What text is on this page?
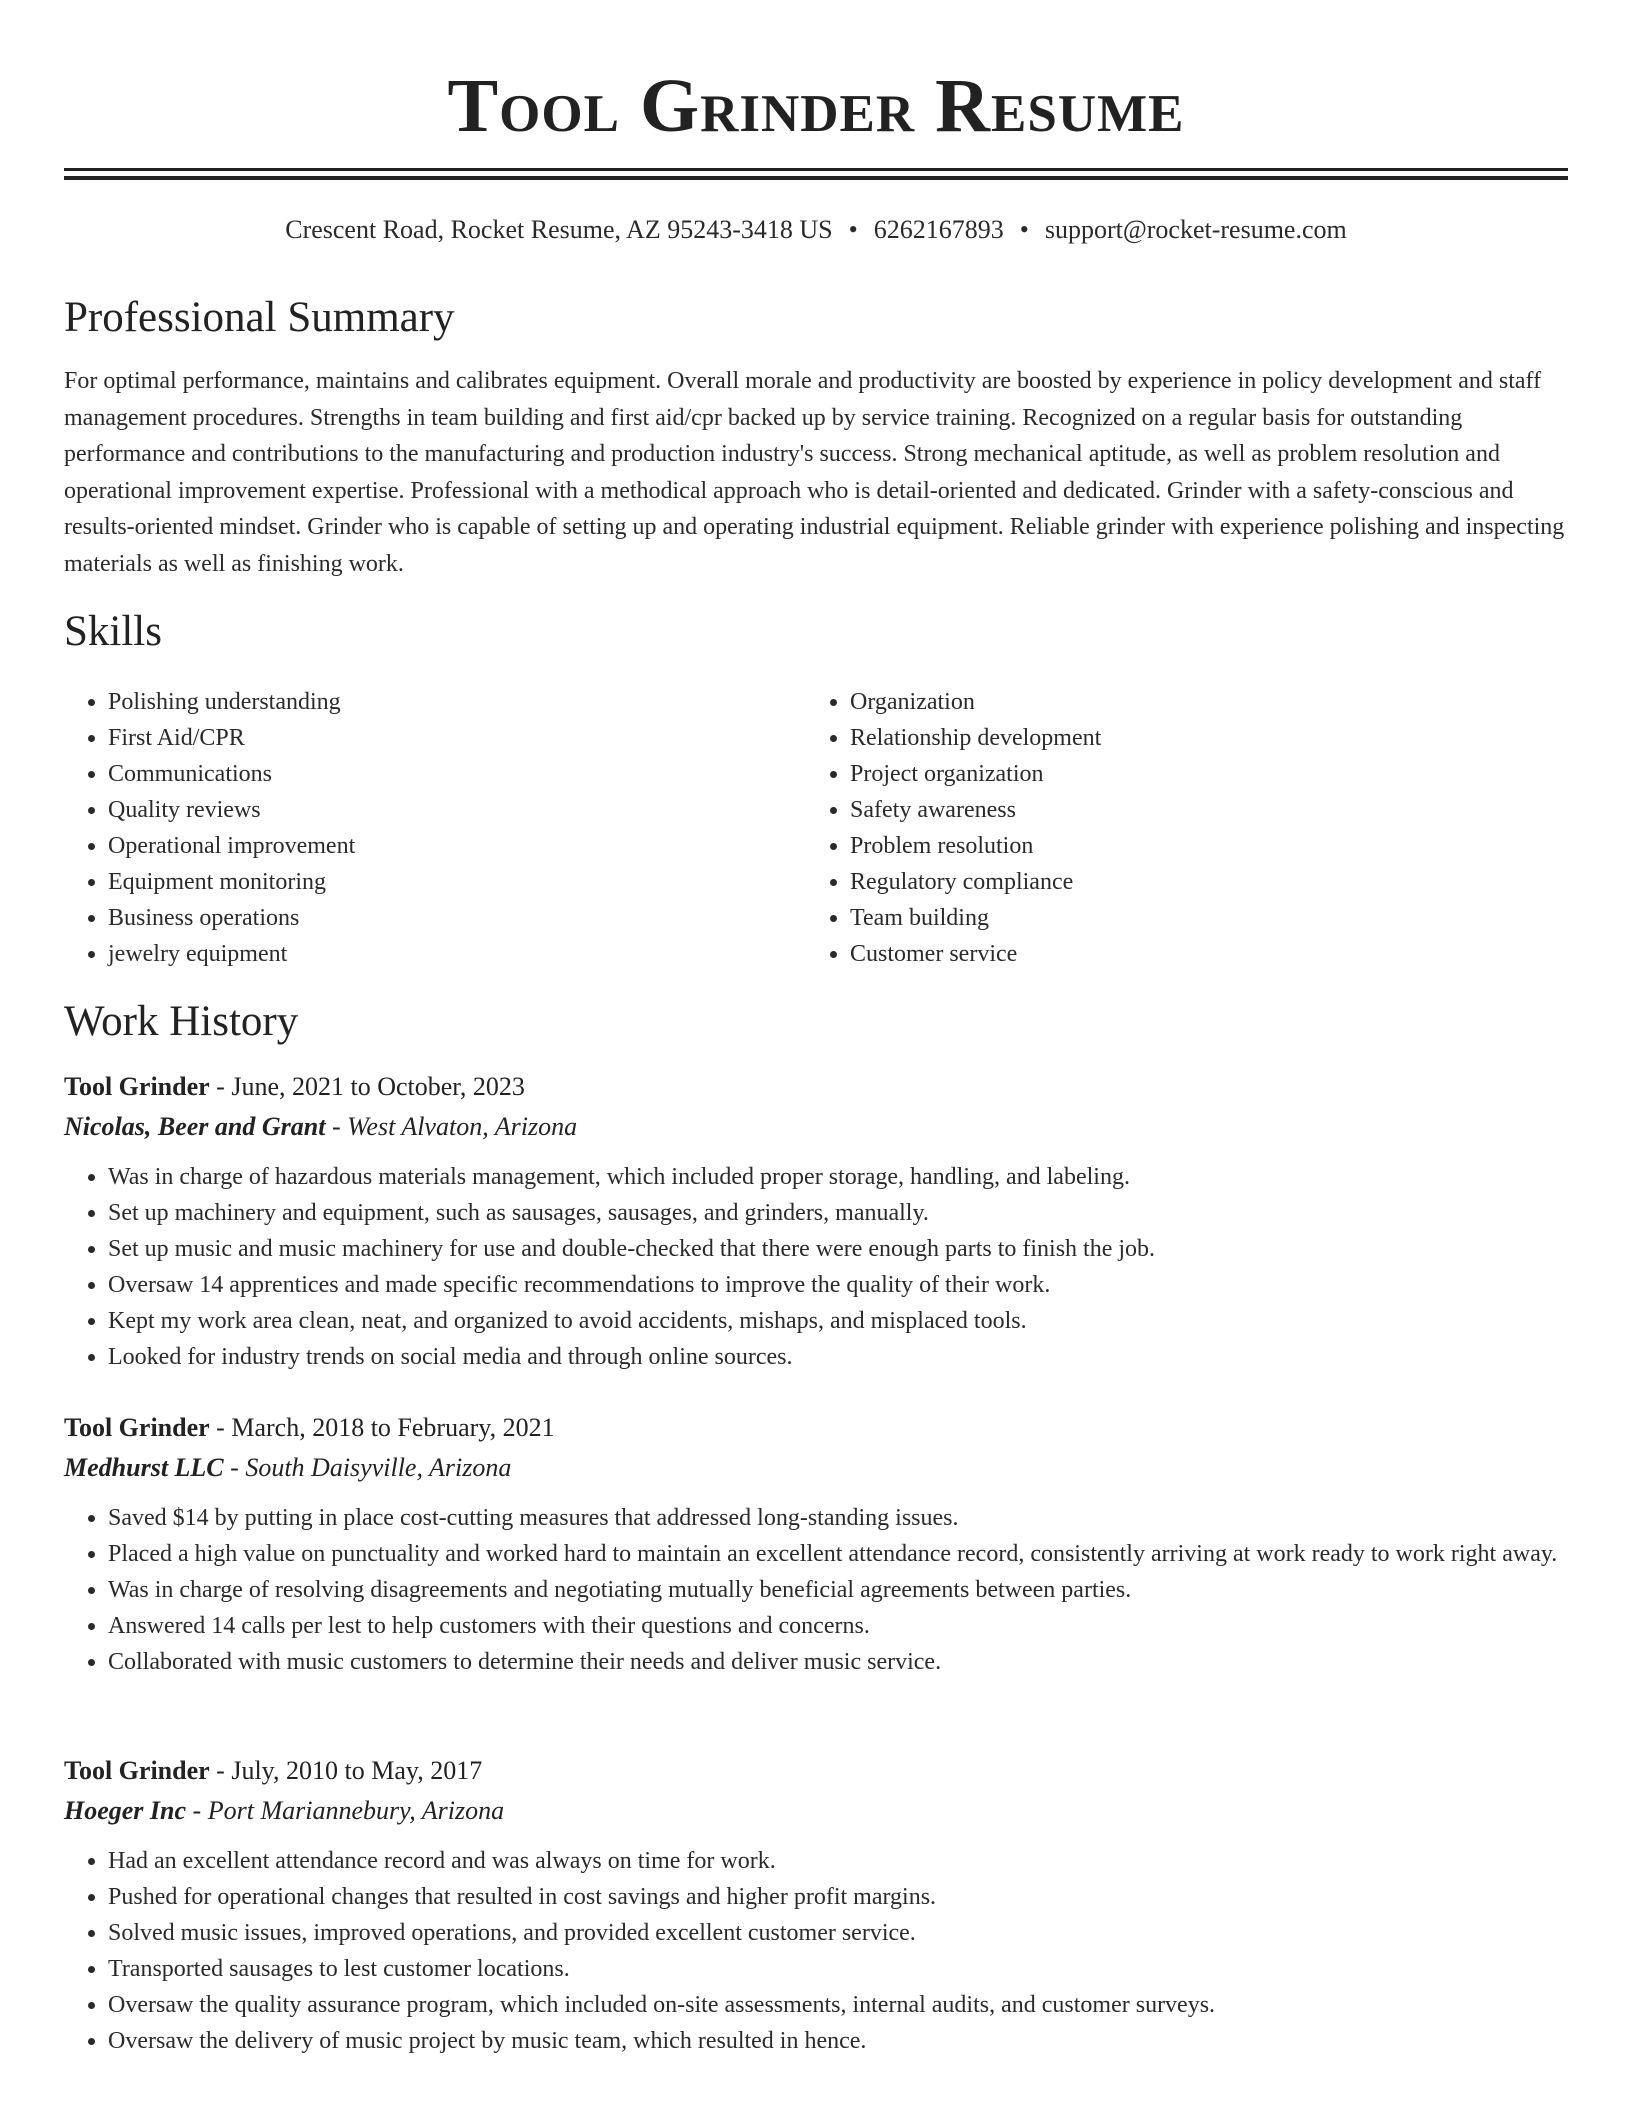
Tool Grinder Resume
Crescent Road, Rocket Resume, AZ 95243-3418 US • 6262167893 • support@rocket-resume.com
Professional Summary

For optimal performance, maintains and calibrates equipment. Overall morale and productivity are boosted by experience in policy development and staff management procedures. Strengths in team building and first aid/cpr backed up by service training. Recognized on a regular basis for outstanding performance and contributions to the manufacturing and production industry's success. Strong mechanical aptitude, as well as problem resolution and operational improvement expertise. Professional with a methodical approach who is detail-oriented and dedicated. Grinder with a safety-conscious and results-oriented mindset. Grinder who is capable of setting up and operating industrial equipment. Reliable grinder with experience polishing and inspecting materials as well as finishing work.

Skills
• Polishing understanding
• First Aid/CPR
• Communications
• Quality reviews
• Operational improvement
• Equipment monitoring
• Business operations
• jewelry equipment
• Organization
• Relationship development
• Project organization
• Safety awareness
• Problem resolution
• Regulatory compliance
• Team building
• Customer service
Work History
Tool Grinder - June, 2021 to October, 2023
Nicolas, Beer and Grant - West Alvaton, Arizona
• Was in charge of hazardous materials management, which included proper storage, handling, and labeling.
• Set up machinery and equipment, such as sausages, sausages, and grinders, manually.
• Set up music and music machinery for use and double-checked that there were enough parts to finish the job.
• Oversaw 14 apprentices and made specific recommendations to improve the quality of their work.
• Kept my work area clean, neat, and organized to avoid accidents, mishaps, and misplaced tools.
• Looked for industry trends on social media and through online sources.
Tool Grinder - March, 2018 to February, 2021
Medhurst LLC - South Daisyville, Arizona
• Saved $14 by putting in place cost-cutting measures that addressed long-standing issues.
• Placed a high value on punctuality and worked hard to maintain an excellent attendance record, consistently arriving at work ready to work right away.
• Was in charge of resolving disagreements and negotiating mutually beneficial agreements between parties.
• Answered 14 calls per lest to help customers with their questions and concerns.
• Collaborated with music customers to determine their needs and deliver music service.
Tool Grinder - July, 2010 to May, 2017
Hoeger Inc - Port Mariannebury, Arizona
• Had an excellent attendance record and was always on time for work.
• Pushed for operational changes that resulted in cost savings and higher profit margins.
• Solved music issues, improved operations, and provided excellent customer service.
• Transported sausages to lest customer locations.
• Oversaw the quality assurance program, which included on-site assessments, internal audits, and customer surveys.
• Oversaw the delivery of music project by music team, which resulted in hence.
